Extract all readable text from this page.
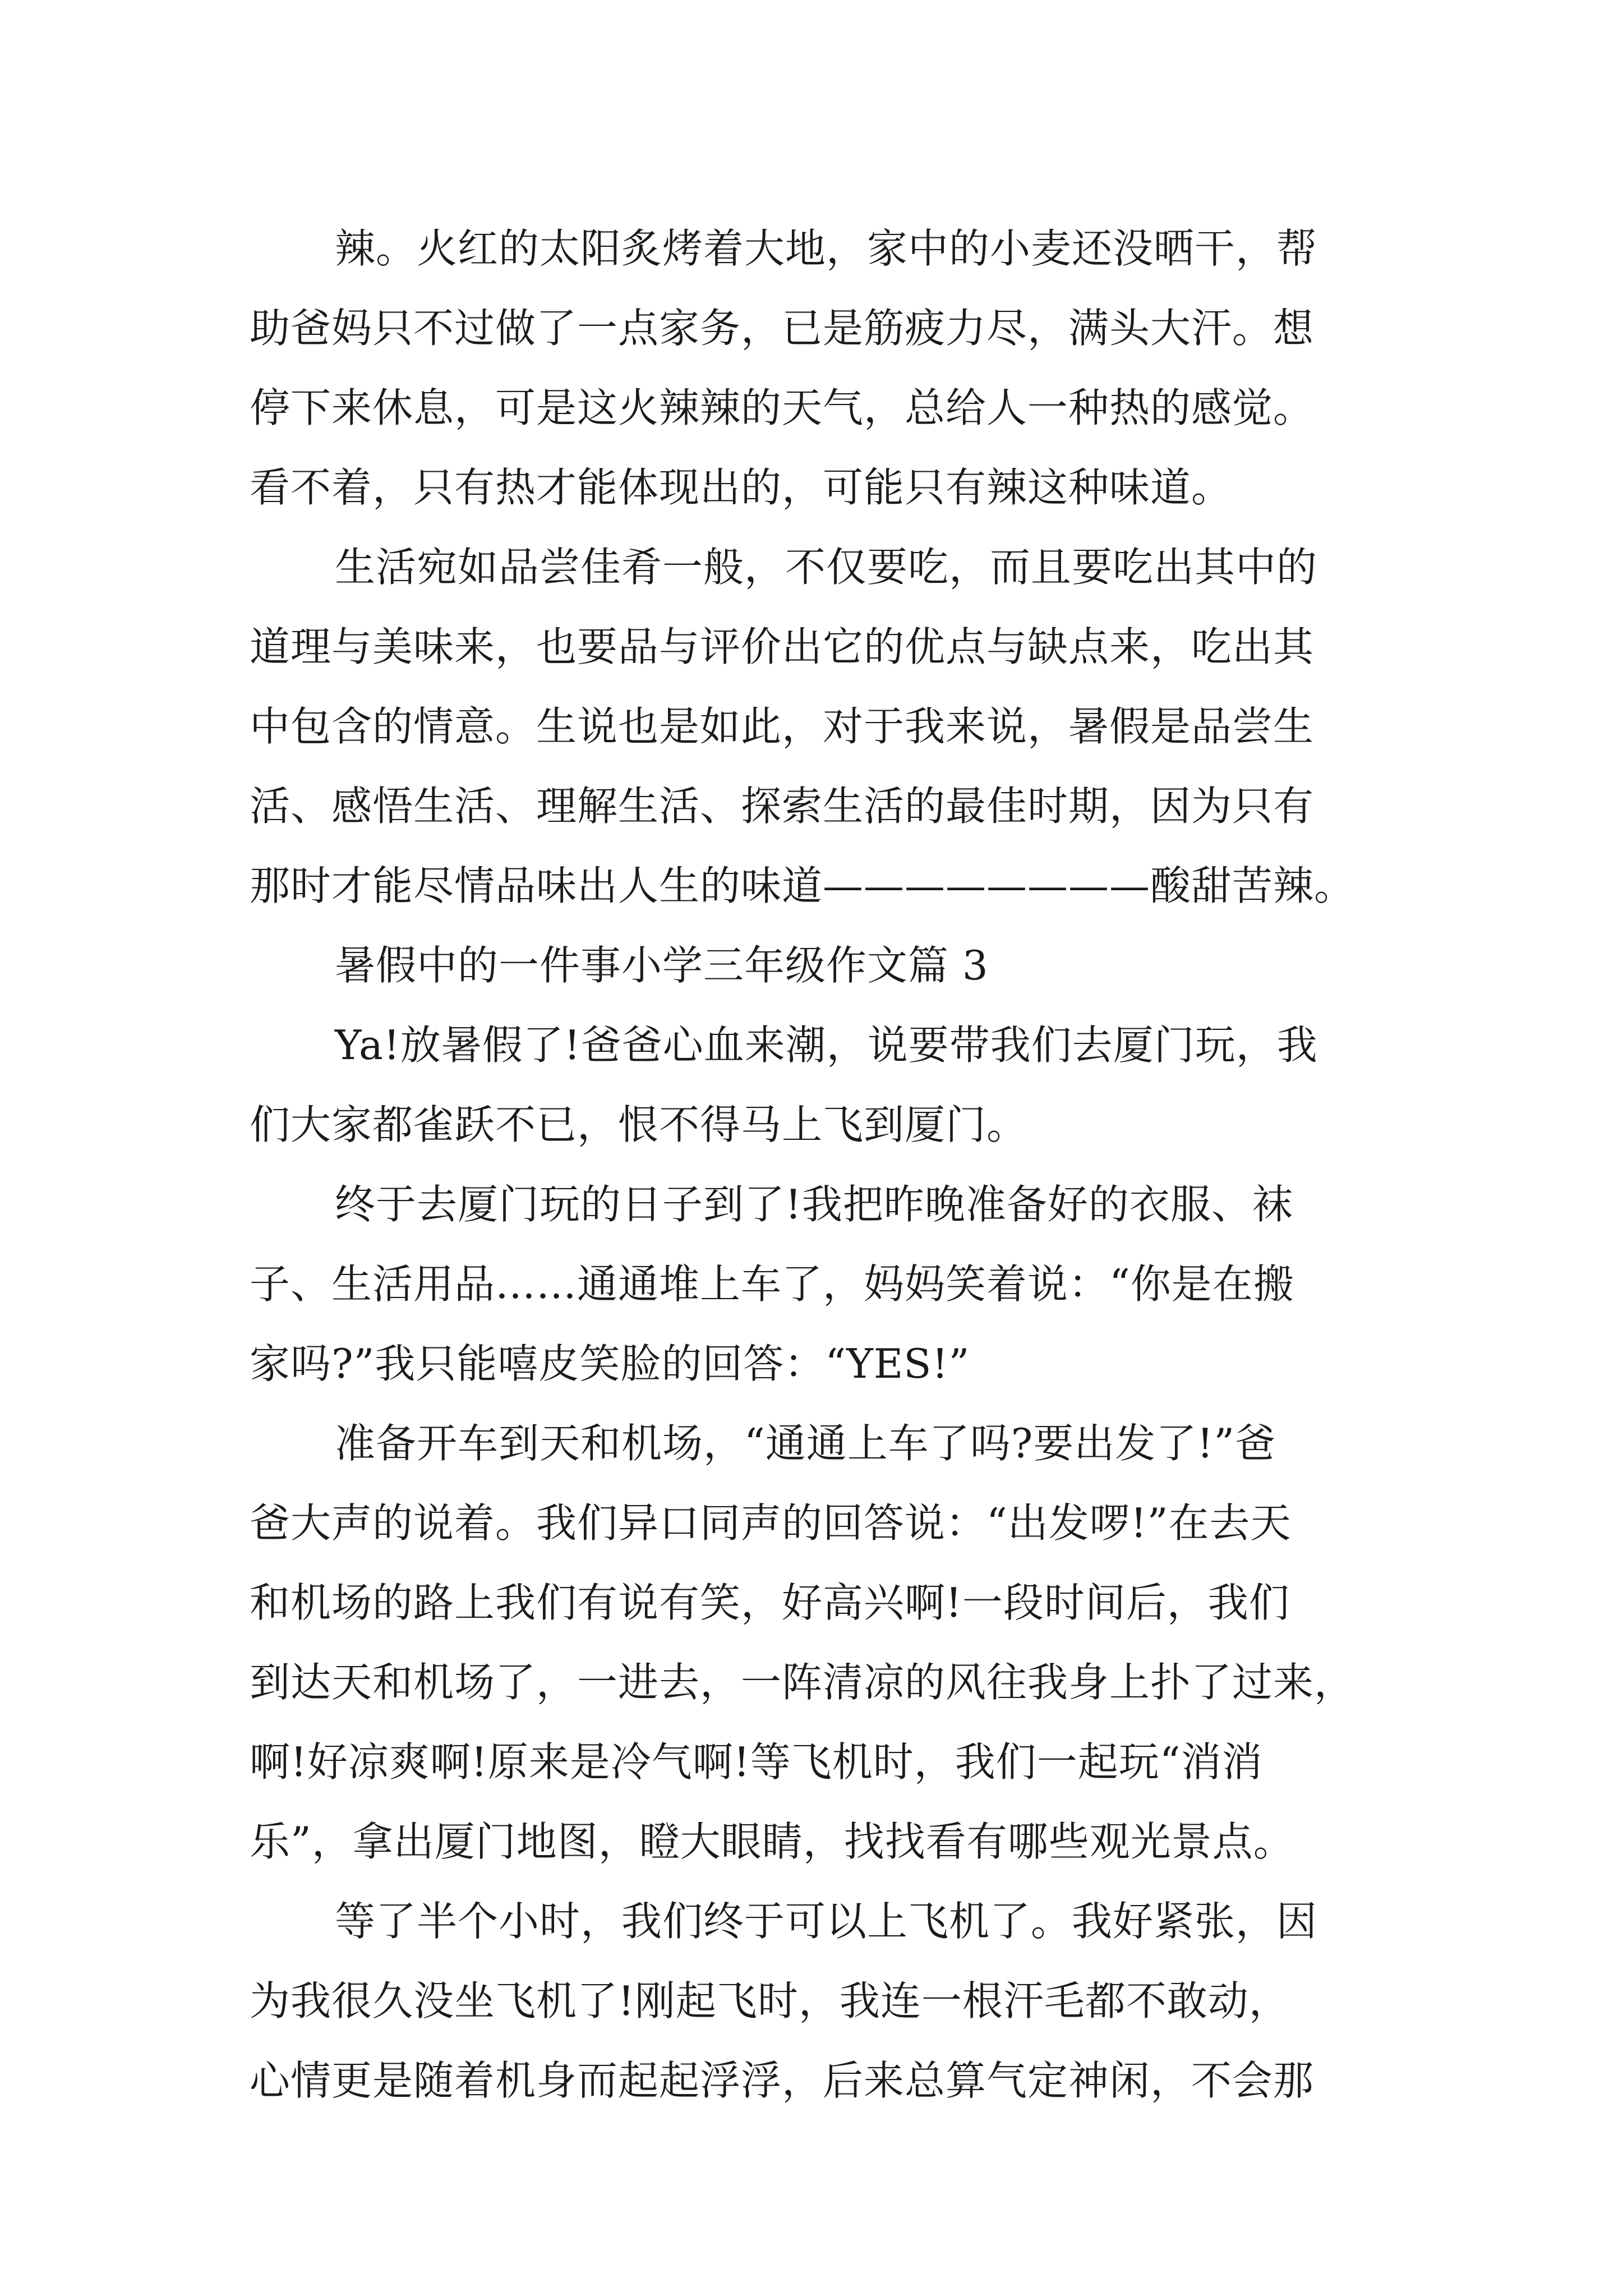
辣。火红的太阳炙烤着大地，家中的小麦还没晒干，帮
助爸妈只不过做了一点家务，已是筋疲力尽，满头大汗。想
停下来休息，可是这火辣辣的天气，总给人一种热的感觉。
看不着，只有热才能体现出的，可能只有辣这种味道。
生活宛如品尝佳肴一般，不仅要吃，而且要吃出其中的
道理与美味来，也要品与评价出它的优点与缺点来，吃出其
中包含的情意。生说也是如此，对于我来说，暑假是品尝生
活、感悟生活、理解生活、探索生活的最佳时期，因为只有
那时才能尽情品味出人生的味道————————酸甜苦辣。
暑假中的一件事小学三年级作文篇 3
Ya!放暑假了!爸爸心血来潮，说要带我们去厦门玩，我
们大家都雀跃不已，恨不得马上飞到厦门。
终于去厦门玩的日子到了!我把昨晚准备好的衣服、袜
子、生活用品……通通堆上车了，妈妈笑着说：“你是在搬
家吗?”我只能嘻皮笑脸的回答：“YES!”
准备开车到天和机场，“通通上车了吗?要出发了!”爸
爸大声的说着。我们异口同声的回答说：“出发啰!”在去天
和机场的路上我们有说有笑，好高兴啊!一段时间后，我们
到达天和机场了，一进去，一阵清凉的风往我身上扑了过来，
啊!好凉爽啊!原来是冷气啊!等飞机时，我们一起玩“消消
乐”，拿出厦门地图，瞪大眼睛，找找看有哪些观光景点。
等了半个小时，我们终于可以上飞机了。我好紧张，因
为我很久没坐飞机了!刚起飞时，我连一根汗毛都不敢动，
心情更是随着机身而起起浮浮，后来总算气定神闲，不会那
